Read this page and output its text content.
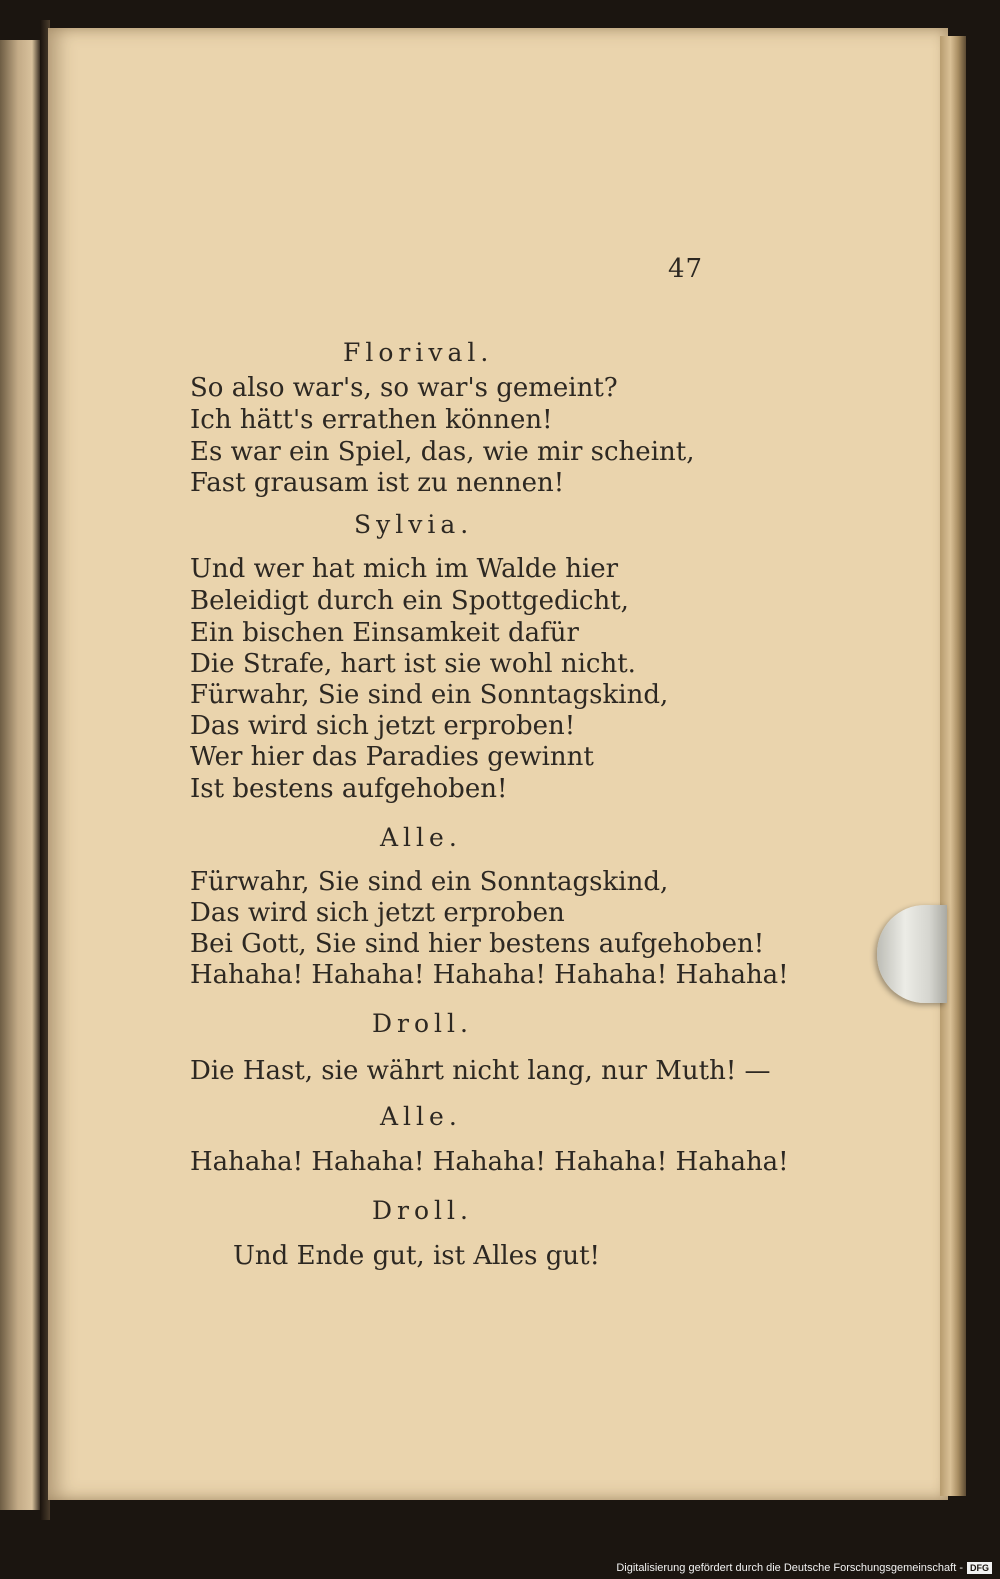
47
Florival.
So also war's, so war's gemeint?
Ich hätt's errathen können!
Es war ein Spiel, das, wie mir scheint,
Fast grausam ist zu nennen!
Sylvia.
Und wer hat mich im Walde hier
Beleidigt durch ein Spottgedicht,
Ein bischen Einsamkeit dafür
Die Strafe, hart ist sie wohl nicht.
Fürwahr, Sie sind ein Sonntagskind,
Das wird sich jetzt erproben!
Wer hier das Paradies gewinnt
Ist bestens aufgehoben!
Alle.
Fürwahr, Sie sind ein Sonntagskind,
Das wird sich jetzt erproben
Bei Gott, Sie sind hier bestens aufgehoben!
Hahaha! Hahaha! Hahaha! Hahaha! Hahaha!
Droll.
Die Hast, sie währt nicht lang, nur Muth! —
Alle.
Hahaha! Hahaha! Hahaha! Hahaha! Hahaha!
Droll.
Und Ende gut, ist Alles gut!
Digitalisierung gefördert durch die Deutsche Forschungsgemeinschaft - DFG
